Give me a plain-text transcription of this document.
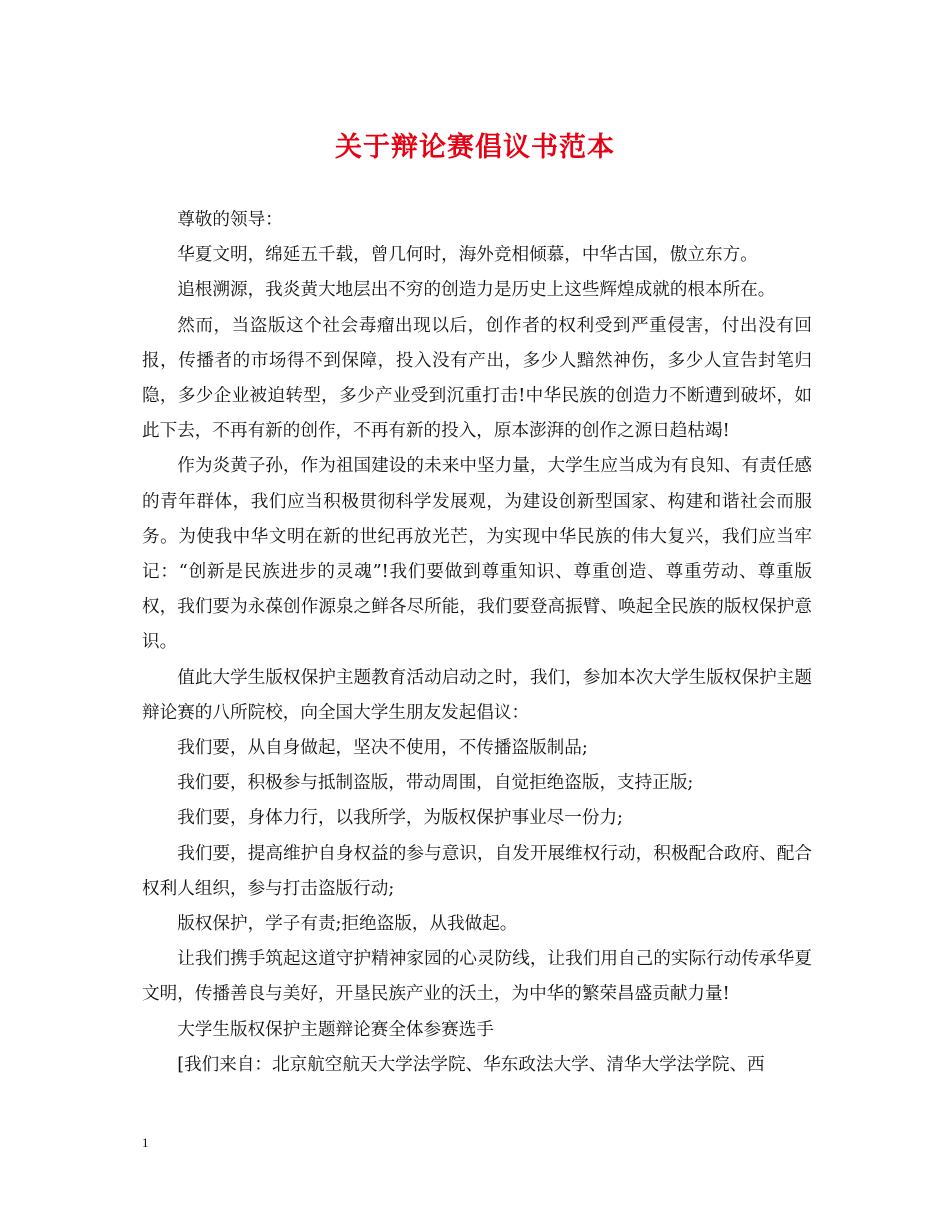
关于辩论赛倡议书范本

尊敬的领导：

华夏文明，绵延五千载，曾几何时，海外竞相倾慕，中华古国，傲立东方。

追根溯源，我炎黄大地层出不穷的创造力是历史上这些辉煌成就的根本所在。

然而，当盗版这个社会毒瘤出现以后，创作者的权利受到严重侵害，付出没有回报，传播者的市场得不到保障，投入没有产出，多少人黯然神伤，多少人宣告封笔归隐，多少企业被迫转型，多少产业受到沉重打击!中华民族的创造力不断遭到破坏，如此下去，不再有新的创作，不再有新的投入，原本澎湃的创作之源日趋枯竭!

作为炎黄子孙，作为祖国建设的未来中坚力量，大学生应当成为有良知、有责任感的青年群体，我们应当积极贯彻科学发展观，为建设创新型国家、构建和谐社会而服务。为使我中华文明在新的世纪再放光芒，为实现中华民族的伟大复兴，我们应当牢记：“创新是民族进步的灵魂”!我们要做到尊重知识、尊重创造、尊重劳动、尊重版权，我们要为永葆创作源泉之鲜各尽所能，我们要登高振臂、唤起全民族的版权保护意识。

值此大学生版权保护主题教育活动启动之时，我们，参加本次大学生版权保护主题辩论赛的八所院校，向全国大学生朋友发起倡议：

我们要，从自身做起，坚决不使用，不传播盗版制品;

我们要，积极参与抵制盗版，带动周围，自觉拒绝盗版，支持正版;

我们要，身体力行，以我所学，为版权保护事业尽一份力;

我们要，提高维护自身权益的参与意识，自发开展维权行动，积极配合政府、配合权利人组织，参与打击盗版行动;

版权保护，学子有责;拒绝盗版，从我做起。

让我们携手筑起这道守护精神家园的心灵防线，让我们用自己的实际行动传承华夏文明，传播善良与美好，开垦民族产业的沃土，为中华的繁荣昌盛贡献力量!

大学生版权保护主题辩论赛全体参赛选手

[我们来自：北京航空航天大学法学院、华东政法大学、清华大学法学院、西

1
